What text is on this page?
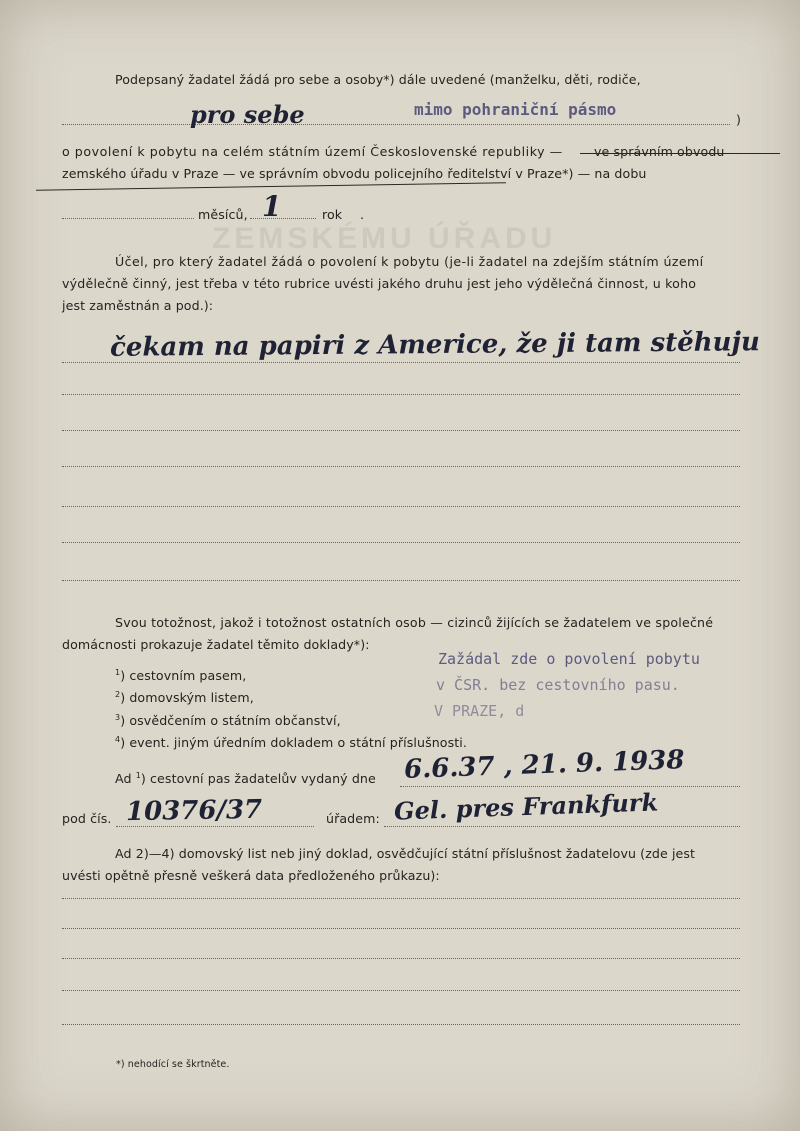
ZEMSKÉMU ÚŘADU

Podepsaný žadatel žádá pro sebe a osoby*) dále uvedené (manželku, děti, rodiče,

pro sebe	mimo pohraniční pásmo

)

o povolení k pobytu na celém státním území Československé republiky — ve správním obvodu

zemského úřadu v Praze — ve správním obvodu policejního ředitelství v Praze*) — na dobu

měsíců, 1	rok .

Účel, pro který žadatel žádá o povolení k pobytu (je-li žadatel na zdejším státním území

výdělečně činný, jest třeba v této rubrice uvésti jakého druhu jest jeho výdělečná činnost, u koho

jest zaměstnán a pod.):

čekam na papiri z Americe, že ji tam stěhuju

Svou totožnost, jakož i totožnost ostatních osob — cizinců žijících se žadatelem ve společné

domácnosti prokazuje žadatel těmito doklady*):

$^1$) cestovním pasem,

$^2$) domovským listem,

$^3$) osvědčením o státním občanství,

$^4$) event. jiným úředním dokladem o státní příslušnosti.

Zažádal zde o povolení pobytu
v ČSR. bez cestovního pasu.
V PRAZE, d

Ad $^1$) cestovní pas žadatelův vydaný dne 6.6.37 , 21. 9. 1938

pod čís. 10376/37	úřadem: Gel. pres Frankfurk

Ad 2)—4) domovský list neb jiný doklad, osvědčující státní příslušnost žadatelovu (zde jest

uvésti opětně přesně veškerá data předloženého průkazu):

*) nehodící se škrtněte.
